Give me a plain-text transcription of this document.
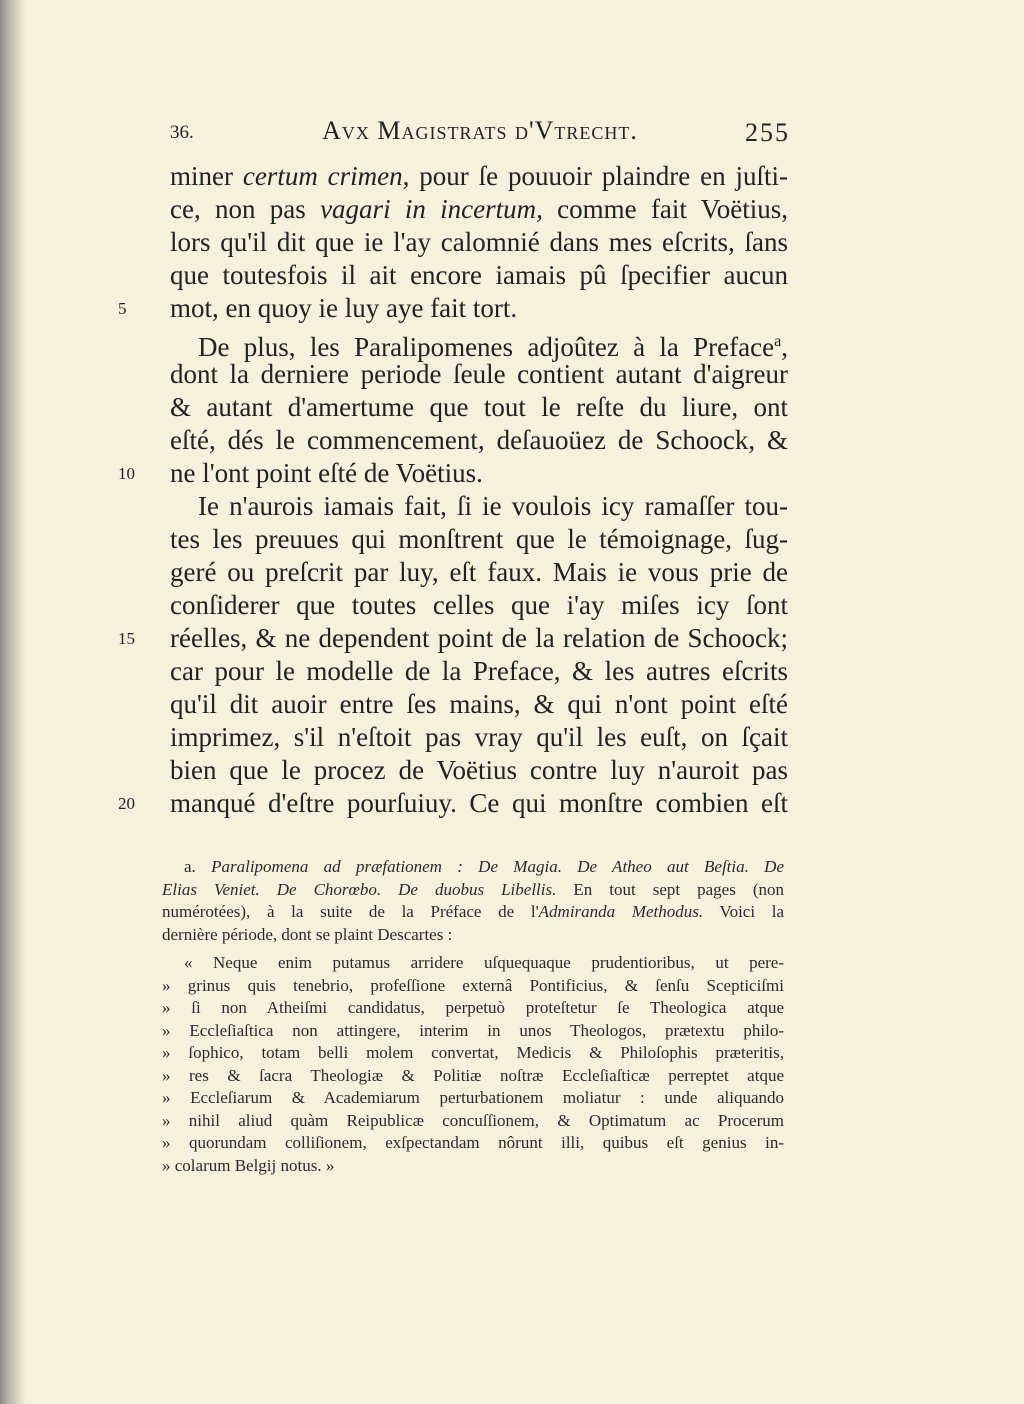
36.	Avx Magistrats d'Vtrecht.	255
miner certum crimen, pour ſe pouuoir plaindre en juſti-
ce, non pas vagari in incertum, comme fait Voëtius,
lors qu'il dit que ie l'ay calomnié dans mes eſcrits, ſans
que toutesfois il ait encore iamais pû ſpecifier aucun
5	mot, en quoy ie luy aye fait tort.
De plus, les Paralipomenes adjoûtez à la Preface$^a$,
dont la derniere periode ſeule contient autant d'aigreur
& autant d'amertume que tout le reſte du liure, ont
eſté, dés le commencement, deſauoüez de Schoock, &
10	ne l'ont point eſté de Voëtius.
Ie n'aurois iamais fait, ſi ie voulois icy ramaſſer tou-
tes les preuues qui monſtrent que le témoignage, ſug-
geré ou preſcrit par luy, eſt faux. Mais ie vous prie de
conſiderer que toutes celles que i'ay miſes icy ſont
15	réelles, & ne dependent point de la relation de Schoock;
car pour le modelle de la Preface, & les autres eſcrits
qu'il dit auoir entre ſes mains, & qui n'ont point eſté
imprimez, s'il n'eſtoit pas vray qu'il les euſt, on ſçait
bien que le procez de Voëtius contre luy n'auroit pas
20	manqué d'eſtre pourſuiuy. Ce qui monſtre combien eſt
a. Paralipomena ad præfationem : De Magia. De Atheo aut Beſtia. De
Elias Veniet. De Chorœbo. De duobus Libellis. En tout sept pages (non
numérotées), à la suite de la Préface de l'Admiranda Methodus. Voici la
dernière période, dont se plaint Descartes :
« Neque enim putamus arridere uſquequaque prudentioribus, ut pere-
» grinus quis tenebrio, profeſſione externâ Pontificius, & ſenſu Scepticiſmi
» ſi non Atheiſmi candidatus, perpetuò proteſtetur ſe Theologica atque
» Eccleſiaſtica non attingere, interim in unos Theologos, prætextu philo-
» ſophico, totam belli molem convertat, Medicis & Philoſophis præteritis,
» res & ſacra Theologiæ & Politiæ noſtræ Eccleſiaſticæ perreptet atque
» Eccleſiarum & Academiarum perturbationem moliatur : unde aliquando
» nihil aliud quàm Reipublicæ concuſſionem, & Optimatum ac Procerum
» quorundam colliſionem, exſpectandam nôrunt illi, quibus eſt genius in-
» colarum Belgij notus. »
